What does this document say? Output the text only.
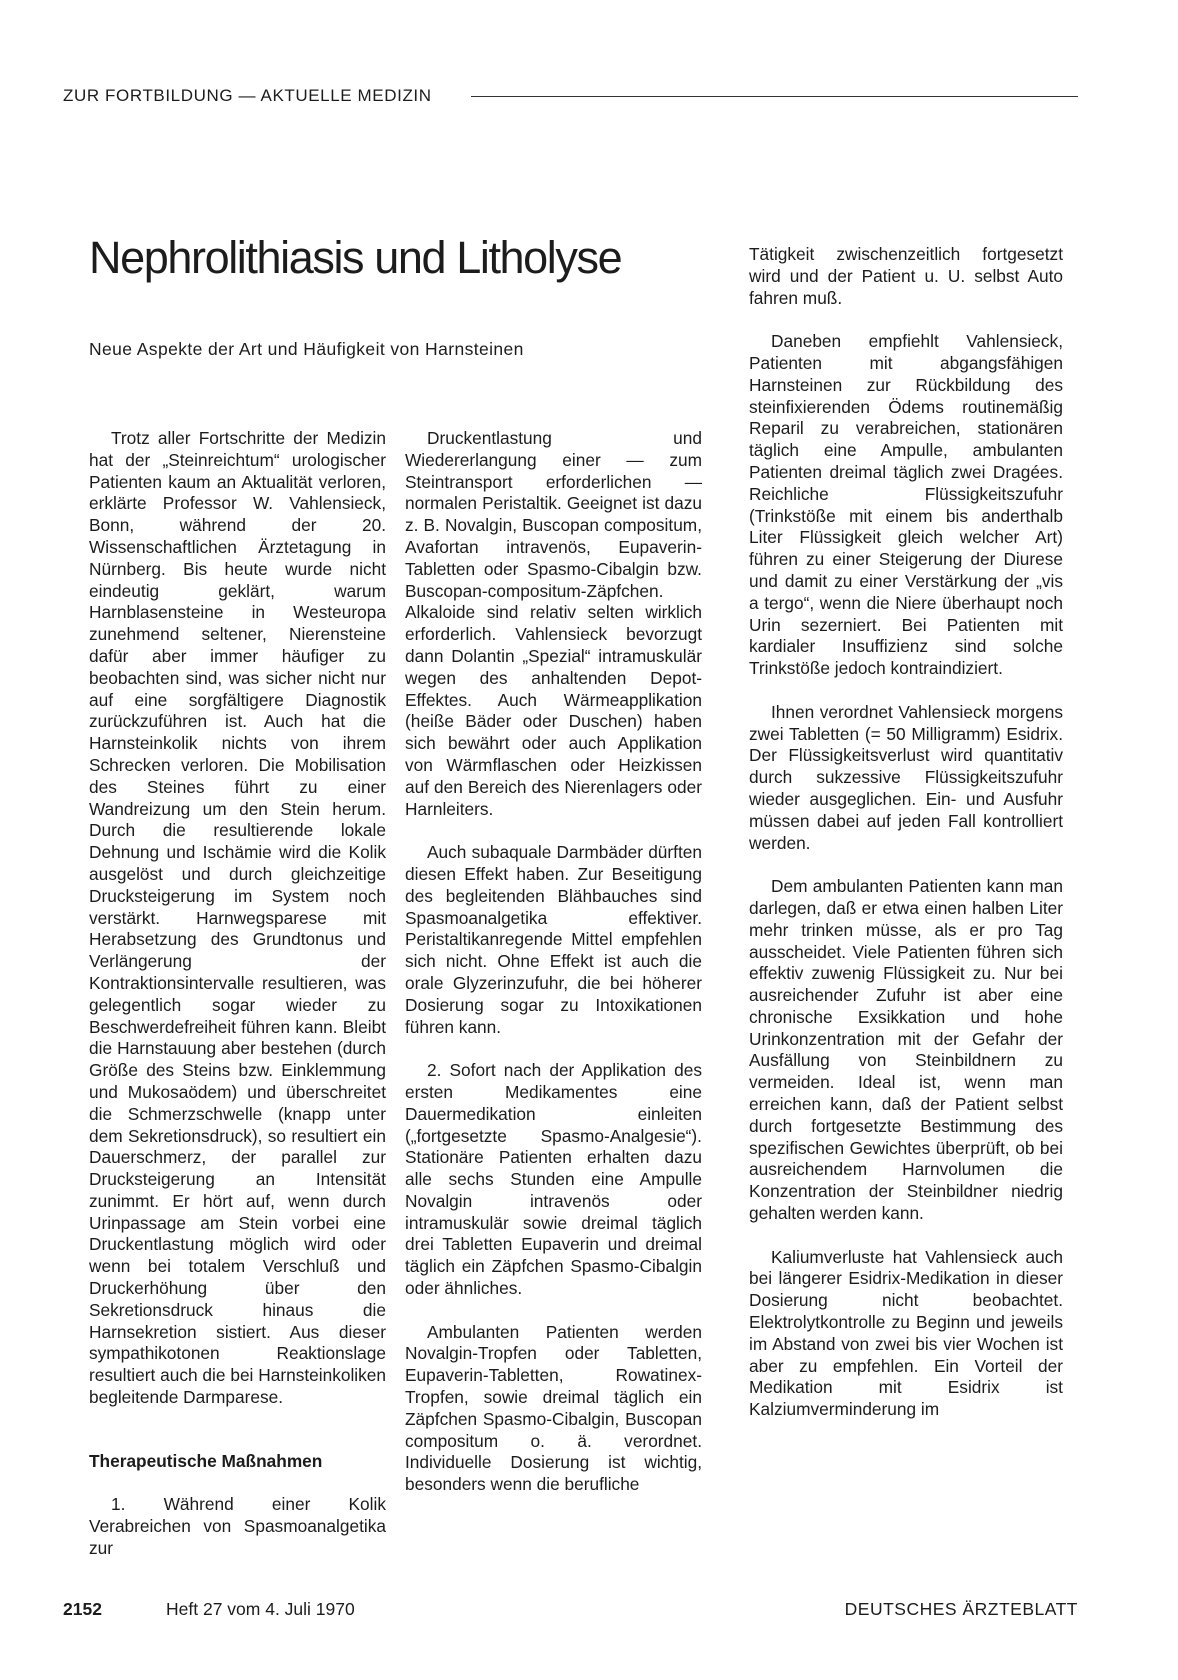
ZUR FORTBILDUNG — AKTUELLE MEDIZIN
Nephrolithiasis und Litholyse

Neue Aspekte der Art und Häufigkeit von Harnsteinen

Trotz aller Fortschritte der Medizin hat der „Steinreichtum“ urologischer Patienten kaum an Aktualität verloren, erklärte Professor W. Vahlensieck, Bonn, während der 20. Wissenschaftlichen Ärztetagung in Nürnberg. Bis heute wurde nicht eindeutig geklärt, warum Harnblasensteine in Westeuropa zunehmend seltener, Nierensteine dafür aber immer häufiger zu beobachten sind, was sicher nicht nur auf eine sorgfältigere Diagnostik zurückzuführen ist. Auch hat die Harnsteinkolik nichts von ihrem Schrecken verloren. Die Mobilisation des Steines führt zu einer Wandreizung um den Stein herum. Durch die resultierende lokale Dehnung und Ischämie wird die Kolik ausgelöst und durch gleichzeitige Drucksteigerung im System noch verstärkt. Harnwegsparese mit Herabsetzung des Grundtonus und Verlängerung der Kontraktionsintervalle resultieren, was gelegentlich sogar wieder zu Beschwerdefreiheit führen kann. Bleibt die Harnstauung aber bestehen (durch Größe des Steins bzw. Einklemmung und Mukosaödem) und überschreitet die Schmerzschwelle (knapp unter dem Sekretionsdruck), so resultiert ein Dauerschmerz, der parallel zur Drucksteigerung an Intensität zunimmt. Er hört auf, wenn durch Urinpassage am Stein vorbei eine Druckentlastung möglich wird oder wenn bei totalem Verschluß und Druckerhöhung über den Sekretionsdruck hinaus die Harnsekretion sistiert. Aus dieser sympathikotonen Reaktionslage resultiert auch die bei Harnsteinkoliken begleitende Darmparese.

Therapeutische Maßnahmen

1. Während einer Kolik Verabreichen von Spasmoanalgetika zur

Druckentlastung und Wiedererlangung einer — zum Steintransport erforderlichen — normalen Peristaltik. Geeignet ist dazu z. B. Novalgin, Buscopan compositum, Avafortan intravenös, Eupaverin-Tabletten oder Spasmo-Cibalgin bzw. Buscopan-compositum-Zäpfchen. Alkaloide sind relativ selten wirklich erforderlich. Vahlensieck bevorzugt dann Dolantin „Spezial“ intramuskulär wegen des anhaltenden Depot-Effektes. Auch Wärmeapplikation (heiße Bäder oder Duschen) haben sich bewährt oder auch Applikation von Wärmflaschen oder Heizkissen auf den Bereich des Nierenlagers oder Harnleiters.

Auch subaquale Darmbäder dürften diesen Effekt haben. Zur Beseitigung des begleitenden Blähbauches sind Spasmoanalgetika effektiver. Peristaltikanregende Mittel empfehlen sich nicht. Ohne Effekt ist auch die orale Glyzerinzufuhr, die bei höherer Dosierung sogar zu Intoxikationen führen kann.

2. Sofort nach der Applikation des ersten Medikamentes eine Dauermedikation einleiten („fortgesetzte Spasmo-Analgesie“). Stationäre Patienten erhalten dazu alle sechs Stunden eine Ampulle Novalgin intravenös oder intramuskulär sowie dreimal täglich drei Tabletten Eupaverin und dreimal täglich ein Zäpfchen Spasmo-Cibalgin oder ähnliches.

Ambulanten Patienten werden Novalgin-Tropfen oder Tabletten, Eupaverin-Tabletten, Rowatinex-Tropfen, sowie dreimal täglich ein Zäpfchen Spasmo-Cibalgin, Buscopan compositum o. ä. verordnet. Individuelle Dosierung ist wichtig, besonders wenn die berufliche

Tätigkeit zwischenzeitlich fortgesetzt wird und der Patient u. U. selbst Auto fahren muß.

Daneben empfiehlt Vahlensieck, Patienten mit abgangsfähigen Harnsteinen zur Rückbildung des steinfixierenden Ödems routinemäßig Reparil zu verabreichen, stationären täglich eine Ampulle, ambulanten Patienten dreimal täglich zwei Dragées. Reichliche Flüssigkeitszufuhr (Trinkstöße mit einem bis anderthalb Liter Flüssigkeit gleich welcher Art) führen zu einer Steigerung der Diurese und damit zu einer Verstärkung der „vis a tergo“, wenn die Niere überhaupt noch Urin sezerniert. Bei Patienten mit kardialer Insuffizienz sind solche Trinkstöße jedoch kontraindiziert.

Ihnen verordnet Vahlensieck morgens zwei Tabletten (= 50 Milligramm) Esidrix. Der Flüssigkeitsverlust wird quantitativ durch sukzessive Flüssigkeitszufuhr wieder ausgeglichen. Ein- und Ausfuhr müssen dabei auf jeden Fall kontrolliert werden.

Dem ambulanten Patienten kann man darlegen, daß er etwa einen halben Liter mehr trinken müsse, als er pro Tag ausscheidet. Viele Patienten führen sich effektiv zuwenig Flüssigkeit zu. Nur bei ausreichender Zufuhr ist aber eine chronische Exsikkation und hohe Urinkonzentration mit der Gefahr der Ausfällung von Steinbildnern zu vermeiden. Ideal ist, wenn man erreichen kann, daß der Patient selbst durch fortgesetzte Bestimmung des spezifischen Gewichtes überprüft, ob bei ausreichendem Harnvolumen die Konzentration der Steinbildner niedrig gehalten werden kann.

Kaliumverluste hat Vahlensieck auch bei längerer Esidrix-Medikation in dieser Dosierung nicht beobachtet. Elektrolytkontrolle zu Beginn und jeweils im Abstand von zwei bis vier Wochen ist aber zu empfehlen. Ein Vorteil der Medikation mit Esidrix ist Kalziumverminderung im

2152	Heft 27 vom 4. Juli 1970	DEUTSCHES ÄRZTEBLATT
